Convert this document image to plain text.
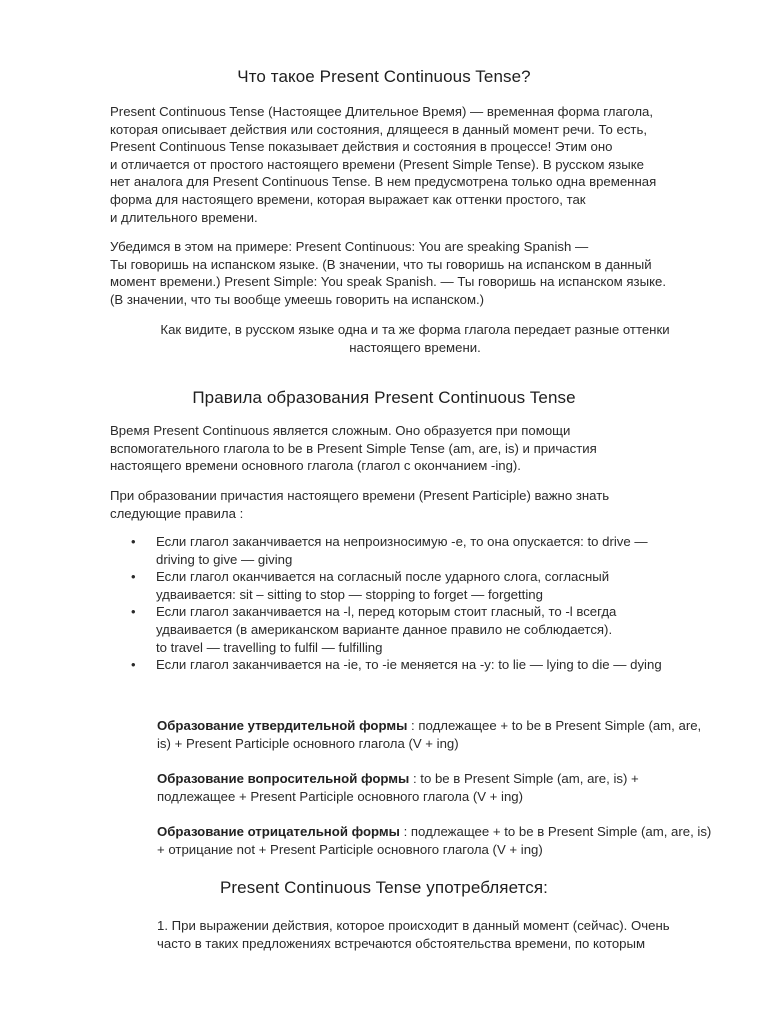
Что такое Present Continuous Tense?

Present Continuous Tense (Настоящее Длительное Время) — временная форма глагола,
которая описывает действия или состояния, длящееся в данный момент речи. То есть,
Present Continuous Tense показывает действия и состояния в процессе! Этим оно
и отличается от простого настоящего времени (Present Simple Tense). В русском языке
нет аналога для Present Continuous Tense. В нем предусмотрена только одна временная
форма для настоящего времени, которая выражает как оттенки простого, так
и длительного времени.

Убедимся в этом на примере: Present Continuous: You are speaking Spanish —
Ты говоришь на испанском языке. (В значении, что ты говоришь на испанском в данный
момент времени.) Present Simple: You speak Spanish. — Ты говоришь на испанском языке.
(В значении, что ты вообще умеешь говорить на испанском.)

Как видите, в русском языке одна и та же форма глагола передает разные оттенки
настоящего времени.

Правила образования Present Continuous Tense

Время Present Continuous является сложным. Оно образуется при помощи
вспомогательного глагола to be в Present Simple Tense (am, are, is) и причастия
настоящего времени основного глагола (глагол с окончанием -ing).

При образовании причастия настоящего времени (Present Participle) важно знать
следующие правила :

• Если глагол заканчивается на непроизносимую -е, то она опускается: to drive —
driving to give — giving
• Если глагол оканчивается на согласный после ударного слога, согласный
удваивается: sit – sitting to stop — stopping to forget — forgetting
• Если глагол заканчивается на -l, перед которым стоит гласный, то -l всегда
удваивается (в американском варианте данное правило не соблюдается).
to travel — travelling to fulfil — fulfilling
• Если глагол заканчивается на -ie, то -ie меняется на -y: to lie — lying to die — dying

Образование утвердительной формы : подлежащее + to be в Present Simple (am, are, is) + Present Participle основного глагола (V + ing)

Образование вопросительной формы : to be в Present Simple (am, are, is) + подлежащее + Present Participle основного глагола (V + ing)

Образование отрицательной формы : подлежащее + to be в Present Simple (am, are, is) + отрицание not + Present Participle основного глагола (V + ing)

Present Continuous Tense употребляется:

1. При выражении действия, которое происходит в данный момент (сейчас). Очень
часто в таких предложениях встречаются обстоятельства времени, по которым
